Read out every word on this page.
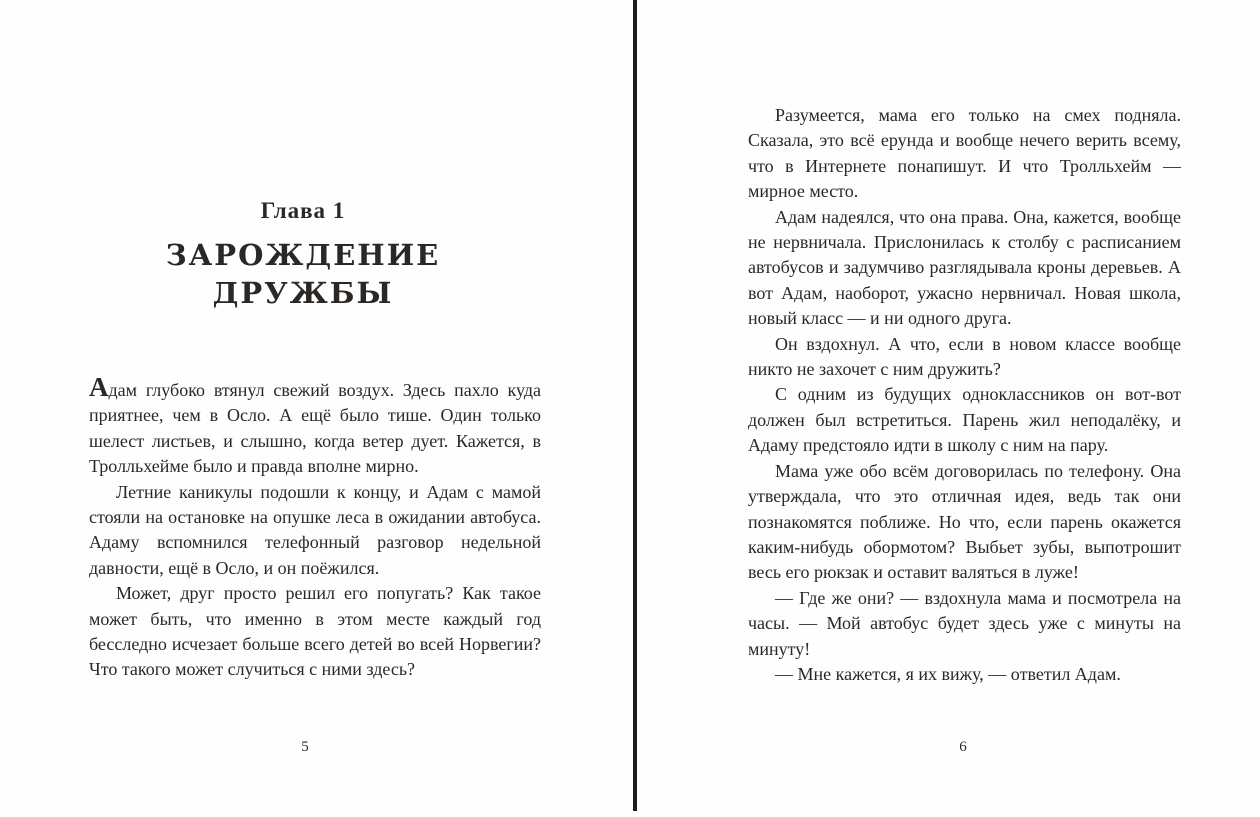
Глава 1
ЗАРОЖДЕНИЕ
ДРУЖБЫ

Адам глубоко втянул свежий воздух. Здесь пахло куда приятнее, чем в Осло. А ещё было тише. Один только шелест листьев, и слышно, когда ветер дует. Кажется, в Тролльхейме было и правда вполне мирно.

Летние каникулы подошли к концу, и Адам с мамой стояли на остановке на опушке леса в ожидании автобуса. Адаму вспомнился телефонный разговор недельной давности, ещё в Осло, и он поёжился.

Может, друг просто решил его попугать? Как такое может быть, что именно в этом месте каждый год бесследно исчезает больше всего детей во всей Норвегии? Что такого может случиться с ними здесь?

5

Разумеется, мама его только на смех подняла. Сказала, это всё ерунда и вообще нечего верить всему, что в Интернете понапишут. И что Тролльхейм — мирное место.

Адам надеялся, что она права. Она, кажется, вообще не нервничала. Прислонилась к столбу с расписанием автобусов и задумчиво разглядывала кроны деревьев. А вот Адам, наоборот, ужасно нервничал. Новая школа, новый класс — и ни одного друга.

Он вздохнул. А что, если в новом классе вообще никто не захочет с ним дружить?

С одним из будущих одноклассников он вот-вот должен был встретиться. Парень жил неподалёку, и Адаму предстояло идти в школу с ним на пару.

Мама уже обо всём договорилась по телефону. Она утверждала, что это отличная идея, ведь так они познакомятся поближе. Но что, если парень окажется каким-нибудь обормотом? Выбьет зубы, выпотрошит весь его рюкзак и оставит валяться в луже!

— Где же они? — вздохнула мама и посмотрела на часы. — Мой автобус будет здесь уже с минуты на минуту!

— Мне кажется, я их вижу, — ответил Адам.

6
